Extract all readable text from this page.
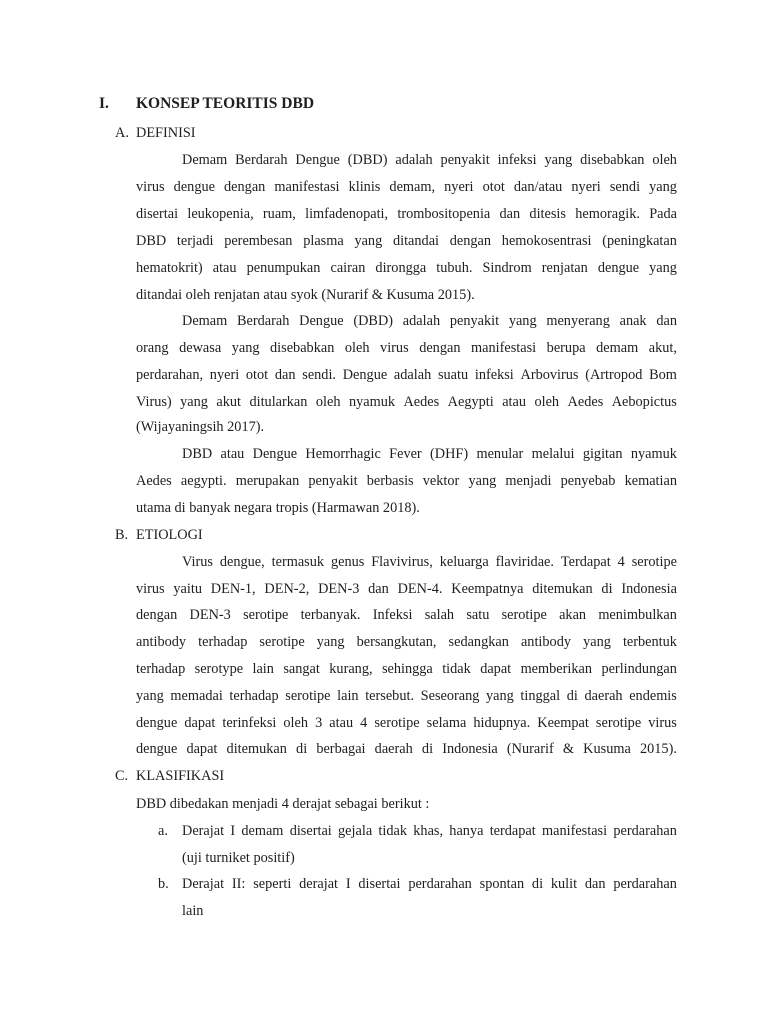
I. KONSEP TEORITIS DBD
A. DEFINISI
Demam Berdarah Dengue (DBD) adalah penyakit infeksi yang disebabkan oleh
virus dengue dengan manifestasi klinis demam, nyeri otot dan/atau nyeri sendi yang
disertai leukopenia, ruam, limfadenopati, trombositopenia dan ditesis hemoragik. Pada
DBD terjadi perembesan plasma yang ditandai dengan hemokosentrasi (peningkatan
hematokrit) atau penumpukan cairan dirongga tubuh. Sindrom renjatan dengue yang
ditandai oleh renjatan atau syok (Nurarif & Kusuma 2015).
Demam Berdarah Dengue (DBD) adalah penyakit yang menyerang anak dan
orang dewasa yang disebabkan oleh virus dengan manifestasi berupa demam akut,
perdarahan, nyeri otot dan sendi. Dengue adalah suatu infeksi Arbovirus (Artropod Bom
Virus) yang akut ditularkan oleh nyamuk Aedes Aegypti atau oleh Aedes Aebopictus
(Wijayaningsih 2017).
DBD atau Dengue Hemorrhagic Fever (DHF) menular melalui gigitan nyamuk
Aedes aegypti. merupakan penyakit berbasis vektor yang menjadi penyebab kematian
utama di banyak negara tropis (Harmawan 2018).
B. ETIOLOGI
Virus dengue, termasuk genus Flavivirus, keluarga flaviridae. Terdapat 4 serotipe
virus yaitu DEN-1, DEN-2, DEN-3 dan DEN-4. Keempatnya ditemukan di Indonesia
dengan DEN-3 serotipe terbanyak. Infeksi salah satu serotipe akan menimbulkan
antibody terhadap serotipe yang bersangkutan, sedangkan antibody yang terbentuk
terhadap serotype lain sangat kurang, sehingga tidak dapat memberikan perlindungan
yang memadai terhadap serotipe lain tersebut. Seseorang yang tinggal di daerah endemis
dengue dapat terinfeksi oleh 3 atau 4 serotipe selama hidupnya. Keempat serotipe virus
dengue dapat ditemukan di berbagai daerah di Indonesia (Nurarif & Kusuma 2015).
C. KLASIFIKASI
DBD dibedakan menjadi 4 derajat sebagai berikut :
a. Derajat I demam disertai gejala tidak khas, hanya terdapat manifestasi perdarahan
(uji turniket positif)
b. Derajat II: seperti derajat I disertai perdarahan spontan di kulit dan perdarahan
lain
